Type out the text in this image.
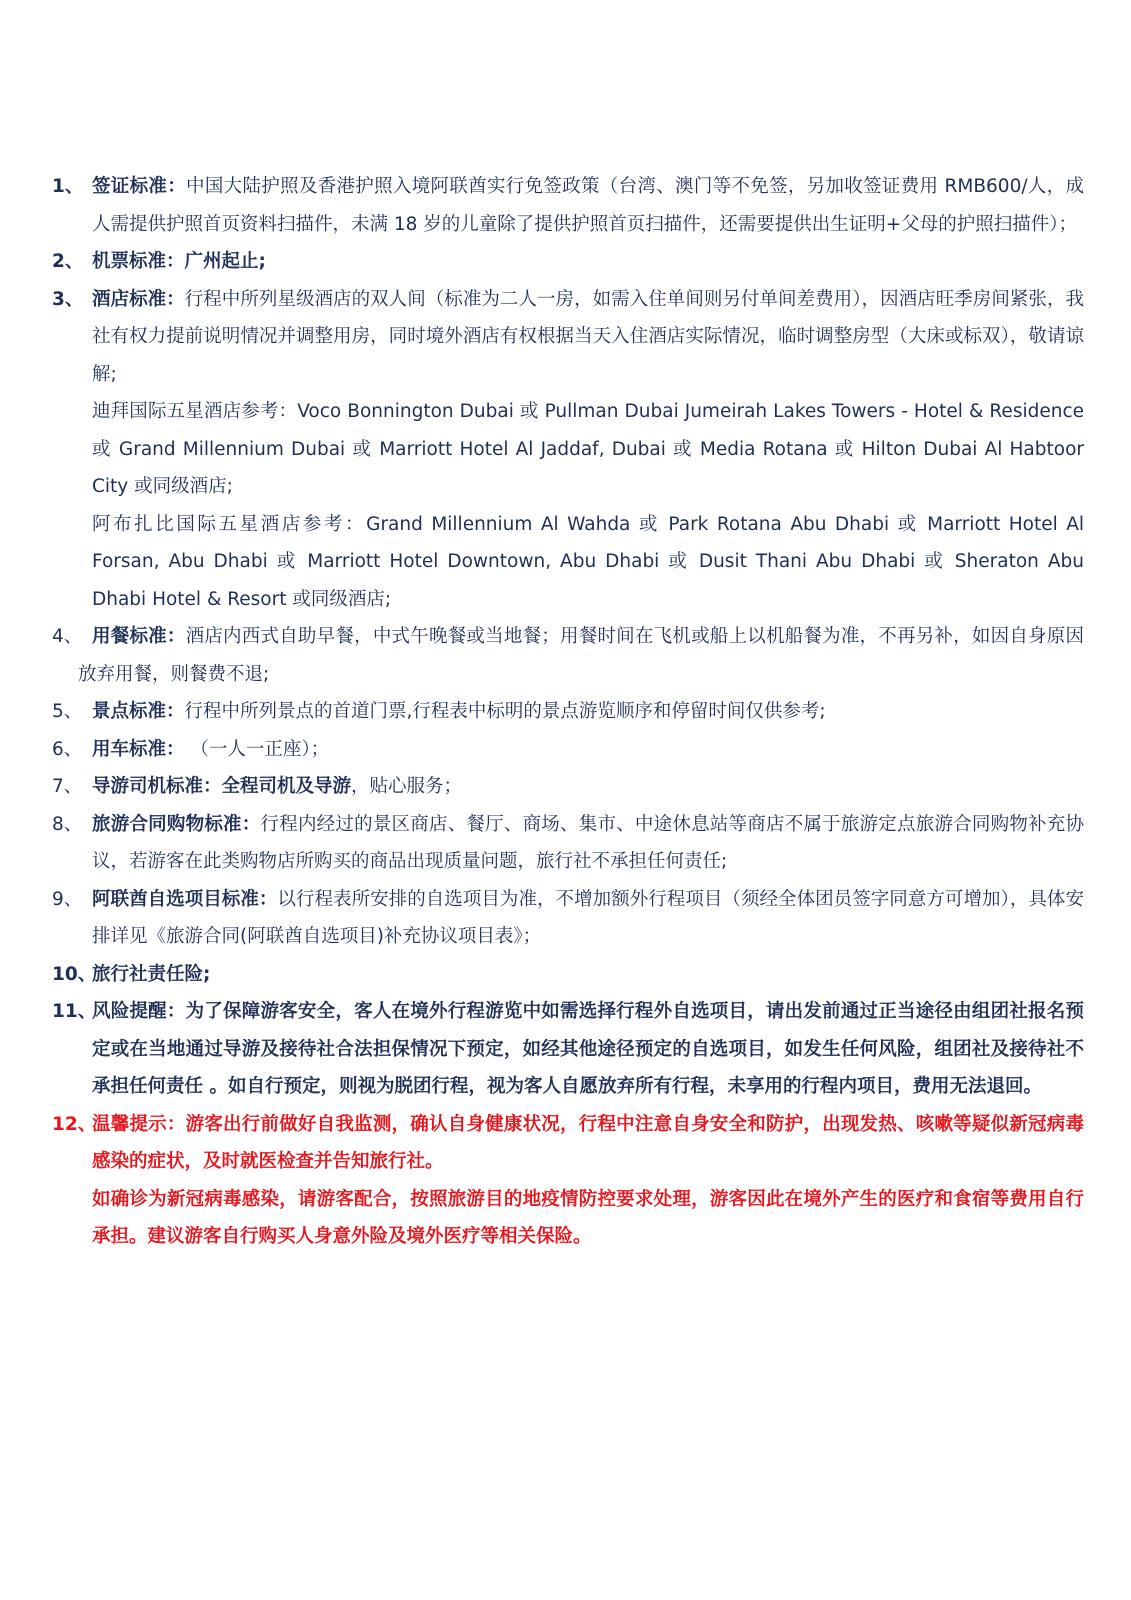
1、 签证标准：中国大陆护照及香港护照入境阿联酋实行免签政策（台湾、澳门等不免签，另加收签证费用 RMB600/人，成人需提供护照首页资料扫描件，未满 18 岁的儿童除了提供护照首页扫描件，还需要提供出生证明+父母的护照扫描件）；
2、 机票标准：广州起止;
3、 酒店标准：行程中所列星级酒店的双人间（标准为二人一房，如需入住单间则另付单间差费用），因酒店旺季房间紧张，我社有权力提前说明情况并调整用房，同时境外酒店有权根据当天入住酒店实际情况，临时调整房型（大床或标双），敬请谅解;
迪拜国际五星酒店参考：Voco Bonnington Dubai 或 Pullman Dubai Jumeirah Lakes Towers - Hotel & Residence 或 Grand Millennium Dubai 或 Marriott Hotel Al Jaddaf, Dubai 或 Media Rotana 或 Hilton Dubai Al Habtoor City 或同级酒店;
阿布扎比国际五星酒店参考：Grand Millennium Al Wahda 或 Park Rotana Abu Dhabi 或 Marriott Hotel Al Forsan, Abu Dhabi 或 Marriott Hotel Downtown, Abu Dhabi 或 Dusit Thani Abu Dhabi 或 Sheraton Abu Dhabi Hotel & Resort 或同级酒店;
4、 用餐标准：酒店内西式自助早餐，中式午晚餐或当地餐；用餐时间在飞机或船上以机船餐为准，不再另补，如因自身原因放弃用餐，则餐费不退;
5、 景点标准：行程中所列景点的首道门票,行程表中标明的景点游览顺序和停留时间仅供参考;
6、 用车标准： （一人一正座）；
7、 导游司机标准：全程司机及导游，贴心服务；
8、 旅游合同购物标准：行程内经过的景区商店、餐厅、商场、集市、中途休息站等商店不属于旅游定点旅游合同购物补充协议，若游客在此类购物店所购买的商品出现质量问题，旅行社不承担任何责任;
9、 阿联酋自选项目标准：以行程表所安排的自选项目为准，不增加额外行程项目（须经全体团员签字同意方可增加），具体安排详见《旅游合同(阿联酋自选项目)补充协议项目表》；
10、
旅行社责任险;
11、
风险提醒：为了保障游客安全，客人在境外行程游览中如需选择行程外自选项目，请出发前通过正当途径由组团社报名预定或在当地通过导游及接待社合法担保情况下预定，如经其他途径预定的自选项目，如发生任何风险，组团社及接待社不承担任何责任 。如自行预定，则视为脱团行程，视为客人自愿放弃所有行程，未享用的行程内项目，费用无法退回。
12、
温馨提示：游客出行前做好自我监测，确认自身健康状况，行程中注意自身安全和防护，出现发热、咳嗽等疑似新冠病毒感染的症状，及时就医检查并告知旅行社。
如确诊为新冠病毒感染，请游客配合，按照旅游目的地疫情防控要求处理，游客因此在境外产生的医疗和食宿等费用自行承担。建议游客自行购买人身意外险及境外医疗等相关保险。
